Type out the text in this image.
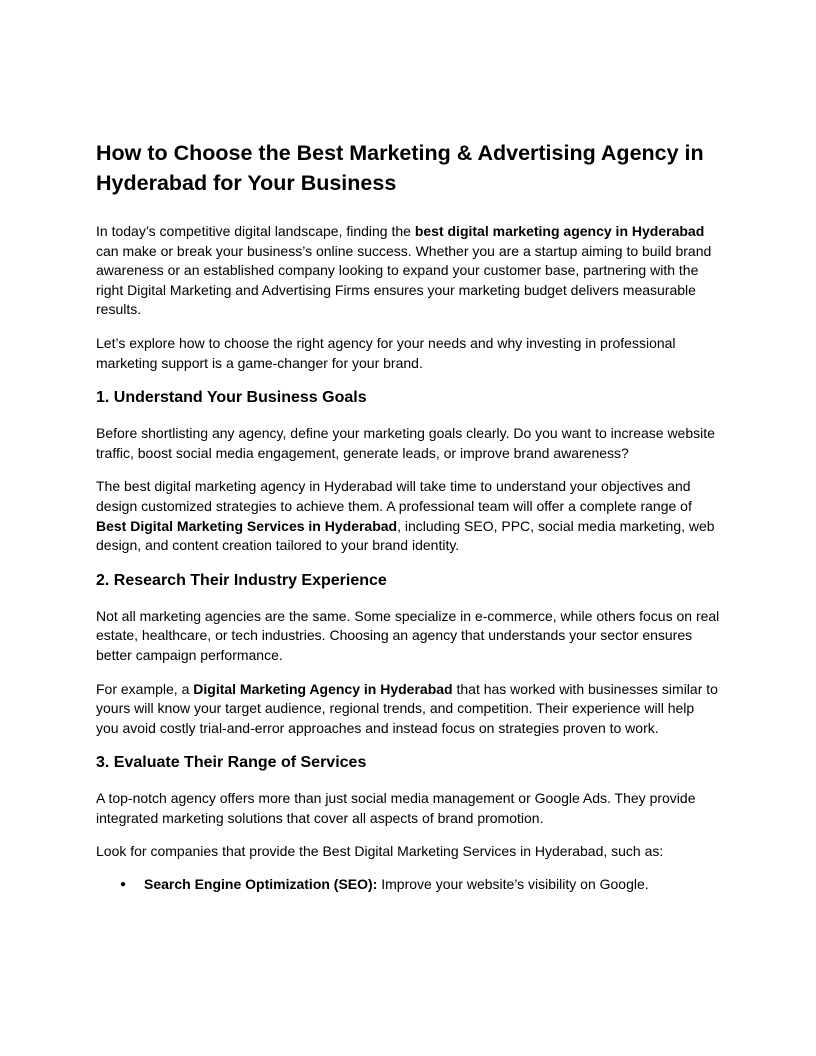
How to Choose the Best Marketing & Advertising Agency in Hyderabad for Your Business

In today’s competitive digital landscape, finding the best digital marketing agency in Hyderabad can make or break your business’s online success. Whether you are a startup aiming to build brand awareness or an established company looking to expand your customer base, partnering with the right Digital Marketing and Advertising Firms ensures your marketing budget delivers measurable results.

Let’s explore how to choose the right agency for your needs and why investing in professional marketing support is a game-changer for your brand.

1. Understand Your Business Goals

Before shortlisting any agency, define your marketing goals clearly. Do you want to increase website traffic, boost social media engagement, generate leads, or improve brand awareness?

The best digital marketing agency in Hyderabad will take time to understand your objectives and design customized strategies to achieve them. A professional team will offer a complete range of Best Digital Marketing Services in Hyderabad, including SEO, PPC, social media marketing, web design, and content creation tailored to your brand identity.

2. Research Their Industry Experience

Not all marketing agencies are the same. Some specialize in e-commerce, while others focus on real estate, healthcare, or tech industries. Choosing an agency that understands your sector ensures better campaign performance.

For example, a Digital Marketing Agency in Hyderabad that has worked with businesses similar to yours will know your target audience, regional trends, and competition. Their experience will help you avoid costly trial-and-error approaches and instead focus on strategies proven to work.

3. Evaluate Their Range of Services

A top-notch agency offers more than just social media management or Google Ads. They provide integrated marketing solutions that cover all aspects of brand promotion.

Look for companies that provide the Best Digital Marketing Services in Hyderabad, such as:

● Search Engine Optimization (SEO): Improve your website’s visibility on Google.
